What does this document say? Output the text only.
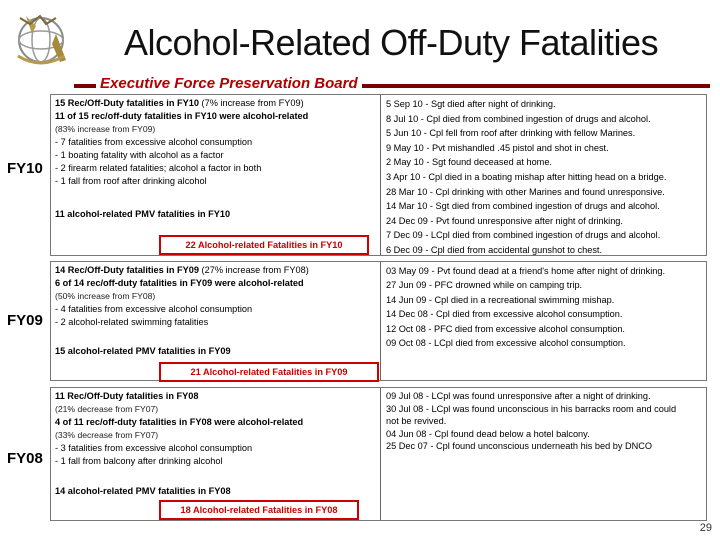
Alcohol-Related Off-Duty Fatalities
Executive Force Preservation Board
FY10
15 Rec/Off-Duty fatalities in FY10 (7% increase from FY09)
11 of 15 rec/off-duty fatalities in FY10 were alcohol-related
(83% increase from FY09)
- 7 fatalities from excessive alcohol consumption
- 1 boating fatality with alcohol as a factor
- 2 firearm related fatalities; alcohol a factor in both
- 1 fall from roof after drinking alcohol
11 alcohol-related PMV fatalities in FY10
22 Alcohol-related Fatalities in FY10
5 Sep 10 - Sgt died after night of drinking.
8 Jul 10 - Cpl died from combined ingestion of drugs and alcohol.
5 Jun 10 - Cpl fell from roof after drinking with fellow Marines.
9 May 10 - Pvt mishandled .45 pistol and shot in chest.
2 May 10 - Sgt found deceased at home.
3 Apr 10 - Cpl died in a boating mishap after hitting head on a bridge.
28 Mar 10 - Cpl drinking with other Marines and found unresponsive.
14 Mar 10 - Sgt died from combined ingestion of drugs and alcohol.
24 Dec 09 - Pvt found unresponsive after night of drinking.
7 Dec 09 - LCpl died from combined ingestion of drugs and alcohol.
6 Dec 09 - Cpl died from accidental gunshot to chest.
FY09
14 Rec/Off-Duty fatalities in FY09 (27% increase from FY08)
6 of 14 rec/off-duty fatalities in FY09 were alcohol-related
(50% increase from FY08)
- 4 fatalities from excessive alcohol consumption
- 2 alcohol-related swimming fatalities
15 alcohol-related PMV fatalities in FY09
21 Alcohol-related Fatalities in FY09
03 May 09 - Pvt found dead at a friend's home after night of drinking.
27 Jun 09 - PFC drowned while on camping trip.
14 Jun 09 - Cpl died in a recreational swimming mishap.
14 Dec 08 - Cpl died from excessive alcohol consumption.
12 Oct 08 - PFC died from excessive alcohol consumption.
09 Oct 08 - LCpl died from excessive alcohol consumption.
FY08
11 Rec/Off-Duty fatalities in FY08
(21% decrease from FY07)
4 of 11 rec/off-duty fatalities in FY08 were alcohol-related
(33% decrease from FY07)
- 3 fatalities from excessive alcohol consumption
- 1 fall from balcony after drinking alcohol
14 alcohol-related PMV fatalities in FY08
18 Alcohol-related Fatalities in FY08
09 Jul 08 - LCpl was found unresponsive after a night of drinking.
30 Jul 08 - LCpl was found unconscious in his barracks room and could
not be revived.
04 Jun 08 - Cpl found dead below a hotel balcony.
25 Dec 07 - Cpl found unconscious underneath his bed by DNCO
29
